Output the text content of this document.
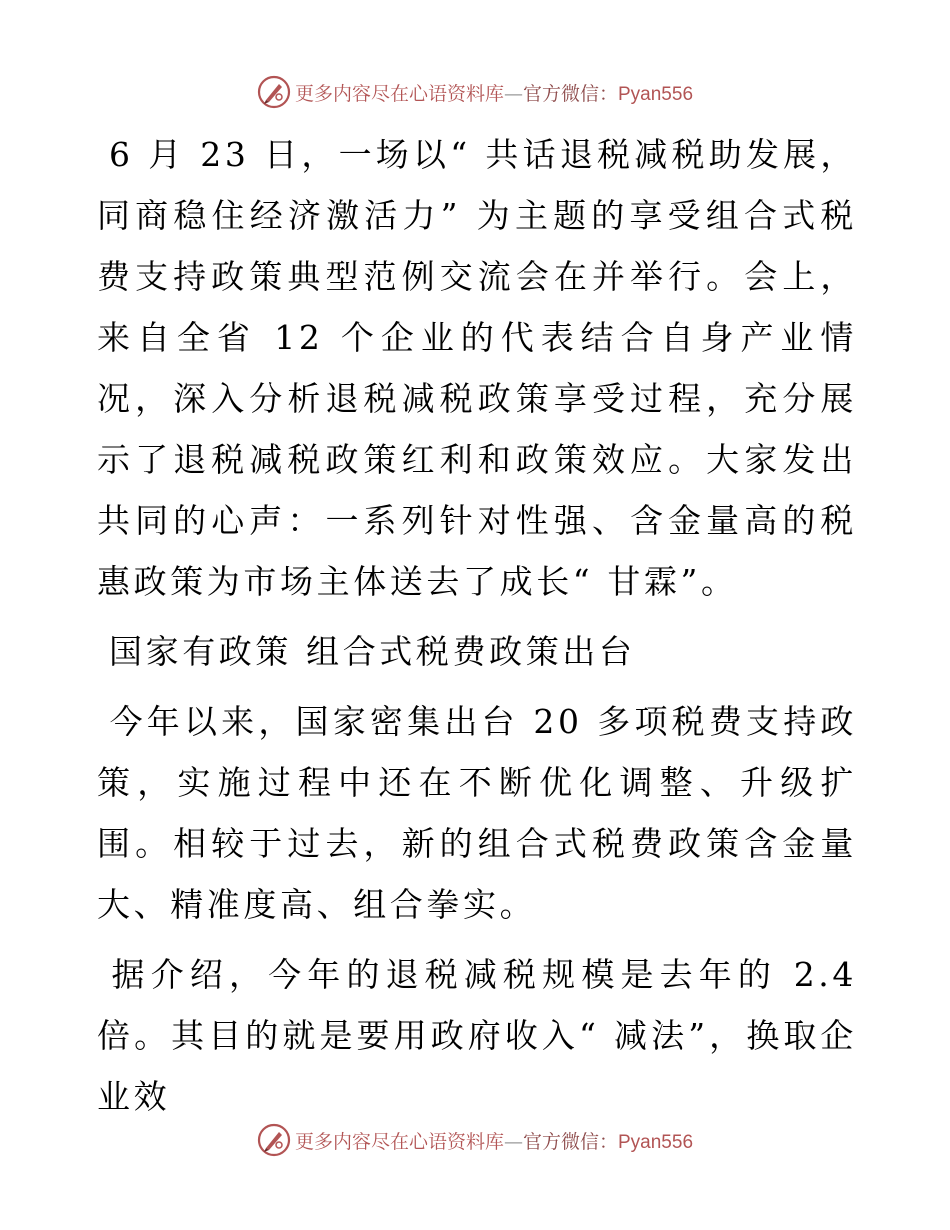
更多内容尽在心语资料库—官方微信：Pyan556

6 月 23 日，一场以“ 共话退税减税助发展，同商稳住经济激活力” 为主题的享受组合式税费支持政策典型范例交流会在并举行。会上，来自全省 12 个企业的代表结合自身产业情况，深入分析退税减税政策享受过程，充分展示了退税减税政策红利和政策效应。大家发出共同的心声：一系列针对性强、含金量高的税惠政策为市场主体送去了成长“ 甘霖”。

国家有政策 组合式税费政策出台

今年以来，国家密集出台 20 多项税费支持政策，实施过程中还在不断优化调整、升级扩围。相较于过去，新的组合式税费政策含金量大、精准度高、组合拳实。

据介绍，今年的退税减税规模是去年的 2.4 倍。其目的就是要用政府收入“ 减法”，换取企业效

更多内容尽在心语资料库—官方微信：Pyan556
